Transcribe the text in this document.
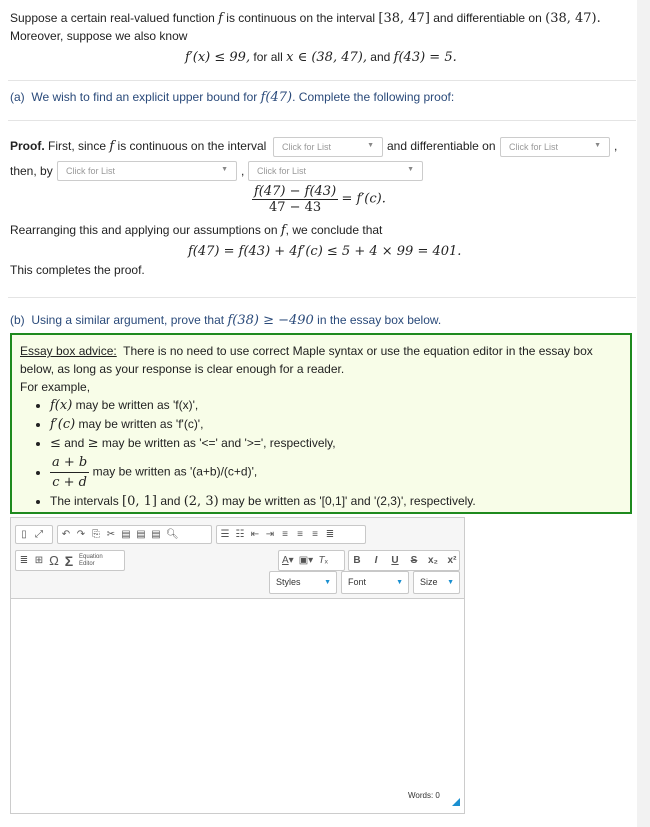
Suppose a certain real-valued function f is continuous on the interval [38, 47] and differentiable on (38, 47).
Moreover, suppose we also know
f′(x) ≤ 99, for all x ∈ (38, 47), and f(43) = 5.
(a) We wish to find an explicit upper bound for f(47). Complete the following proof:
Proof. First, since f is continuous on the interval	Click for List	▼ and differentiable on	Click for List	▼ ,
then, by	Click for List	▼ ,	Click for List	▼
$\frac{f(47) - f(43)}{47 - 43} = f'(c)$.
Rearranging this and applying our assumptions on f, we conclude that
f(47) = f(43) + 4f′(c) ≤ 5 + 4 × 99 = 401.
This completes the proof.
(b) Using a similar argument, prove that f(38) ≥ −490 in the essay box below.
Essay box advice: There is no need to use correct Maple syntax or use the equation editor in the essay box below, as long as your response is clear enough for a reader.
For example,
• f(x) may be written as 'f(x)',
• f′(c) may be written as 'f'(c)',
• ≤ and ≥ may be written as '<=' and '>=', respectively,
• $\frac{a + b}{c + d}$ may be written as '(a+b)/(c+d)',
• The intervals [0, 1] and (2, 3) may be written as '[0,1]' and '(2,3)', respectively.
▯ ⤢ ↶ ↷ ⎘ ✂ ▤ ▤ ▤ 🔍︎	☰ ☷ ⇤ ⇥ ≡ ≡ ≡ ≣
≣ ⊞ Ω Σ Equation Editor	A▾ ▣▾ Tₓ	B	I	U S x₂ x²
Styles	▼	Font	▼	Size ▼
Words: 0
